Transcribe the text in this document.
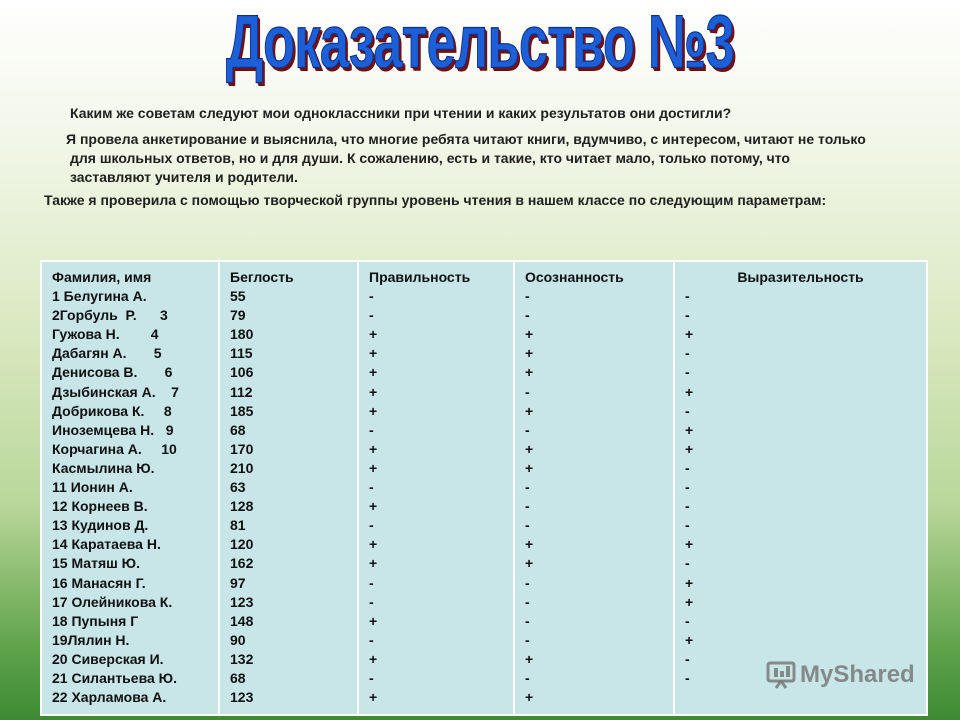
Доказательство №3

Каким же советам следуют мои одноклассники при чтении и каких результатов они достигли?

Я провела анкетирование и выяснила, что многие ребята читают книги, вдумчиво, с интересом, читают не только для школьных ответов, но и для души. К сожалению, есть и такие, кто читает мало, только потому, что заставляют учителя и родители.

Также я проверила с помощью творческой группы уровень чтения в нашем классе по следующим параметрам:

Фамилия, имя
1 Белугина А.
2Горбуль  Р.      3
Гужова Н.        4
Дабагян А.       5
Денисова В.       6
Дзыбинская А.    7
Добрикова К.     8
Иноземцева Н.   9
Корчагина А.     10
Касмылина Ю.
11 Ионин А.
12 Корнеев В.
13 Кудинов Д.
14 Каратаева Н.
15 Матяш Ю.
16 Манасян Г.
17 Олейникова К.
18 Пупыня Г
19Лялин Н.
20 Сиверская И.
21 Силантьева Ю.
22 Харламова А.
Беглость
55
79
180
115
106
112
185
68
170
210
63
128
81
120
162
97
123
148
90
132
68
123
Правильность
-
-
+
+
+
+
+
-
+
+
-
+
-
+
+
-
-
+
-
+
-
+
Осознанность
-
-
+
+
+
-
+
-
+
+
-
-
-
+
+
-
-
-
-
+
-
+
Выразительность
-
-
+
-
-
+
-
+
+
-
-
-
-
+
-
+
+
-
+
-
-	MyShared
